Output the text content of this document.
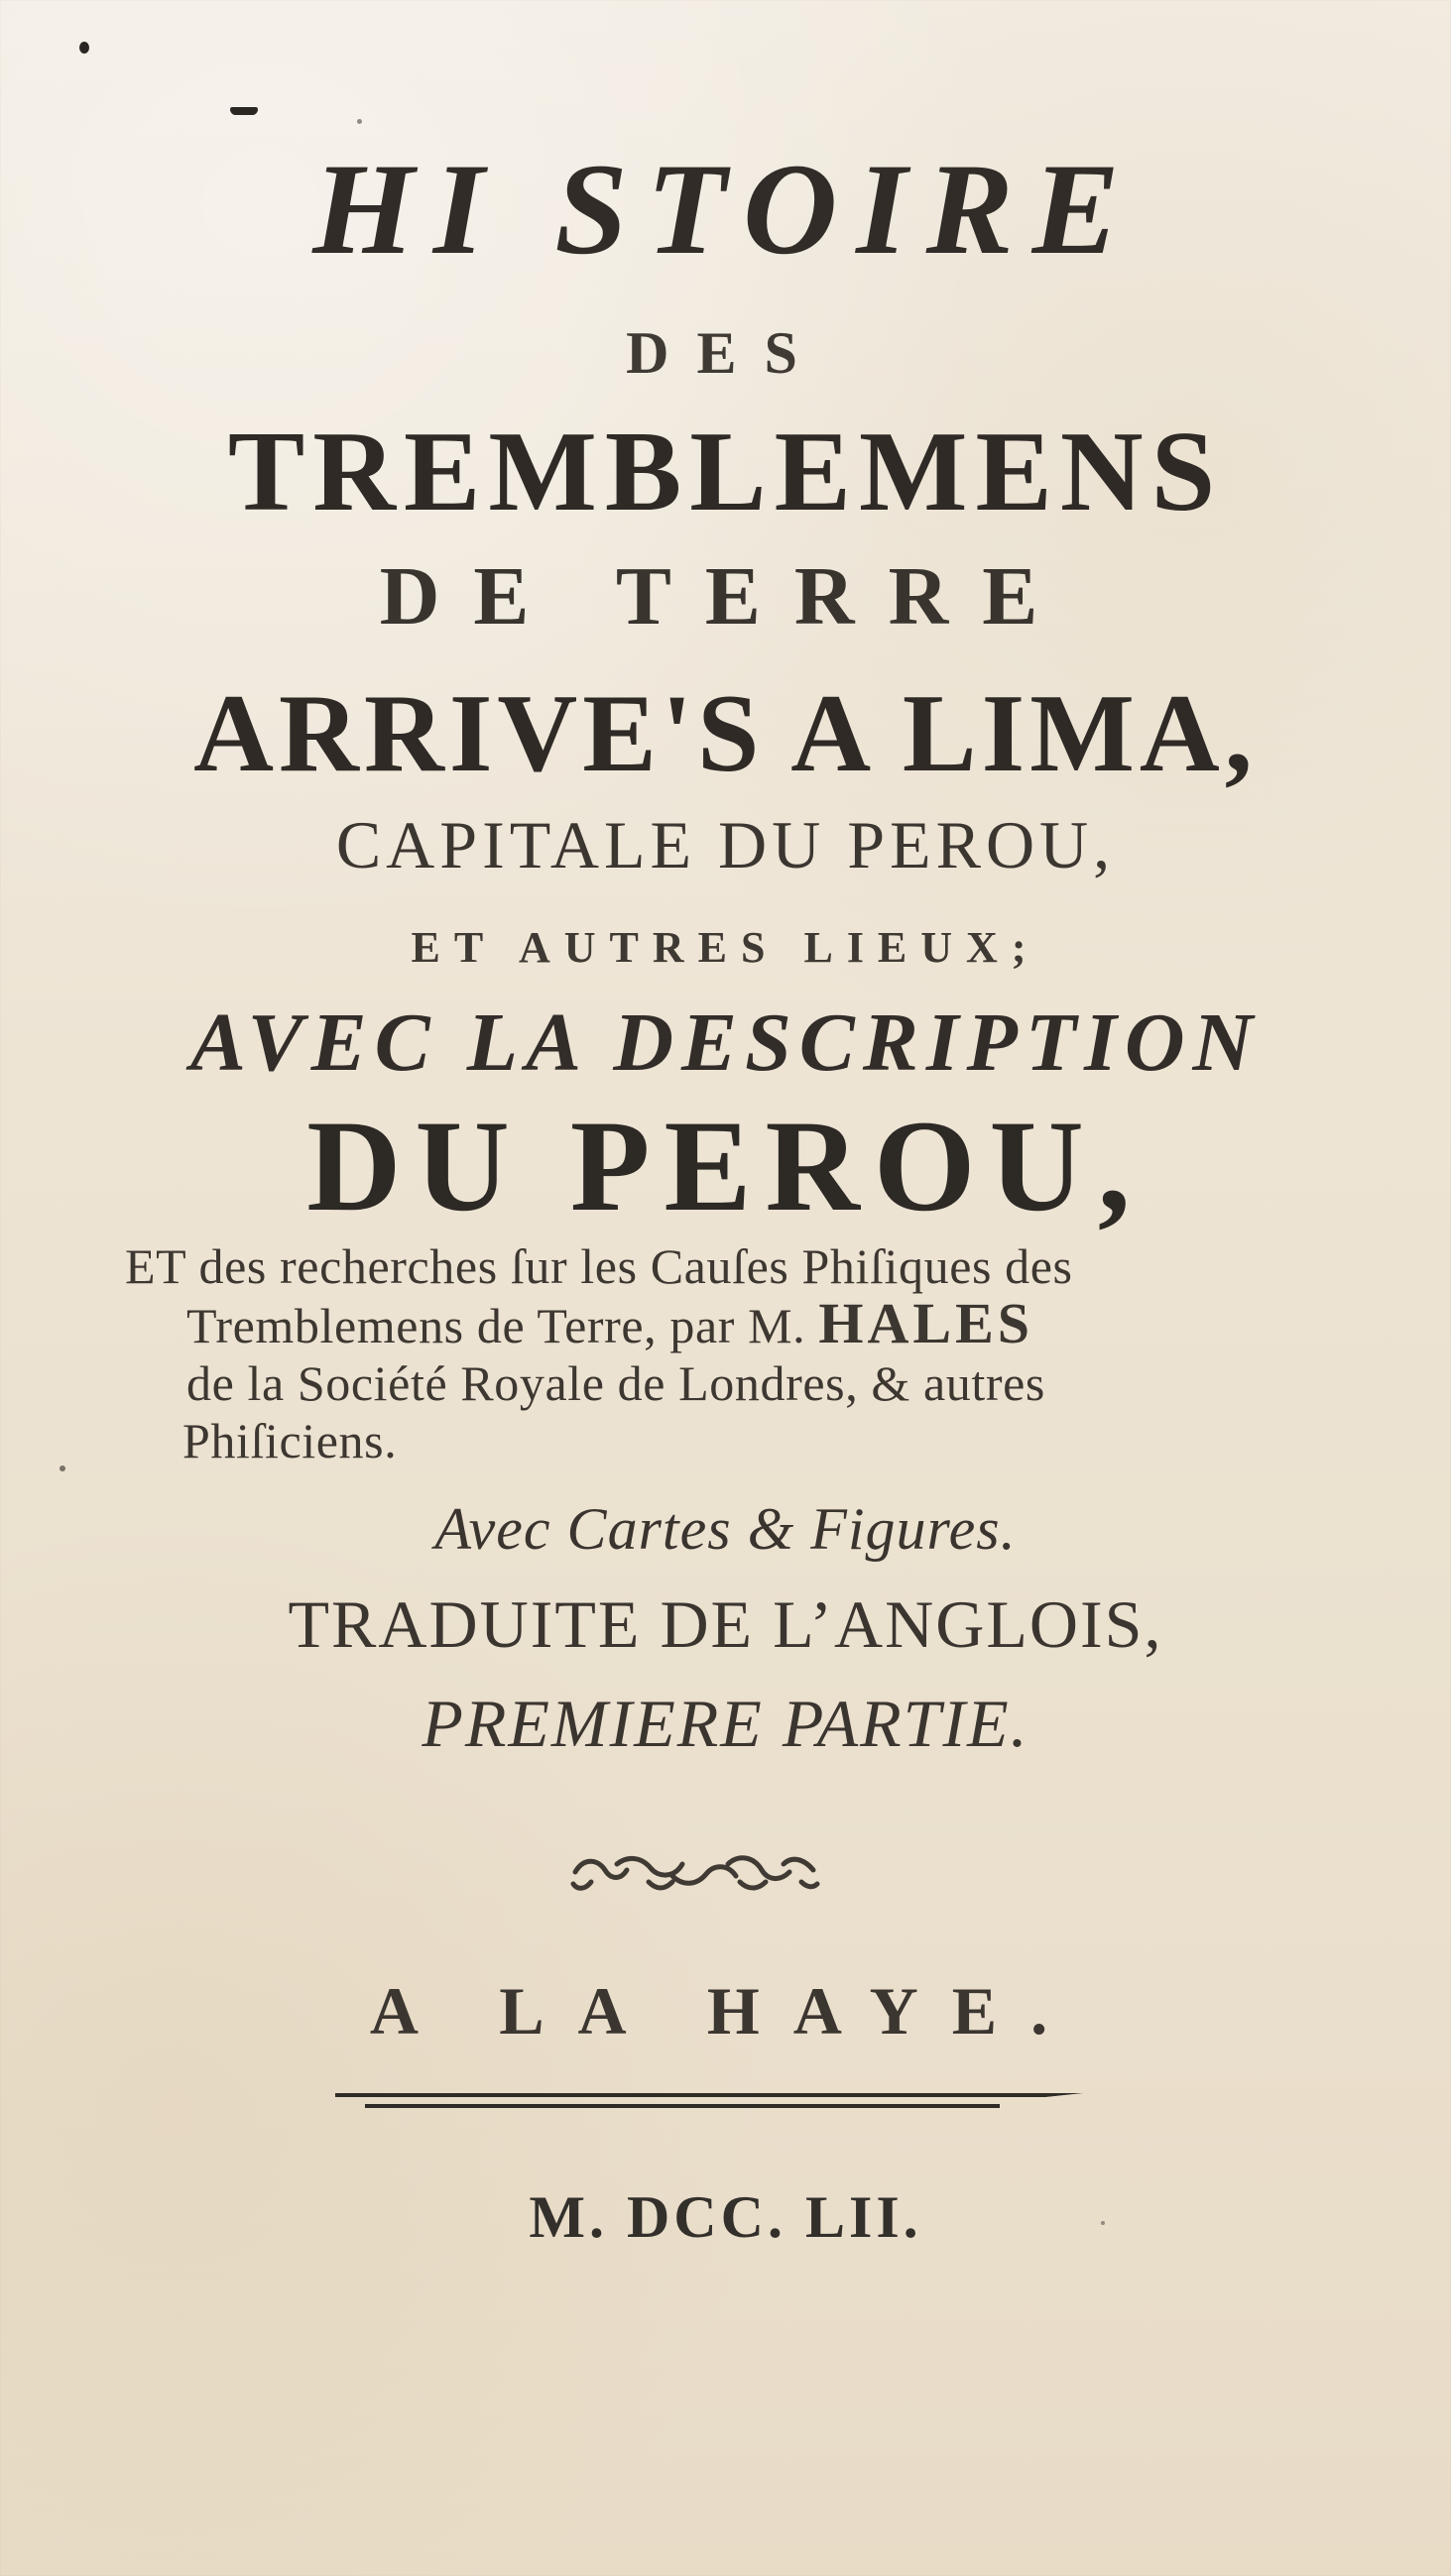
HI STOIRE
DES
TREMBLEMENS
DE TERRE
ARRIVE'S A LIMA,
CAPITALE DU PEROU,
ET AUTRES LIEUX;
AVEC LA DESCRIPTION
DU PEROU,
ET des recherches ſur les Cauſes Phiſiques des
Tremblemens de Terre, par M. HALES
de la Société Royale de Londres, & autres
Phiſiciens.
Avec Cartes & Figures.
TRADUITE DE L’ANGLOIS,
PREMIERE PARTIE.
A LA HAYE.
M. DCC. LII.
